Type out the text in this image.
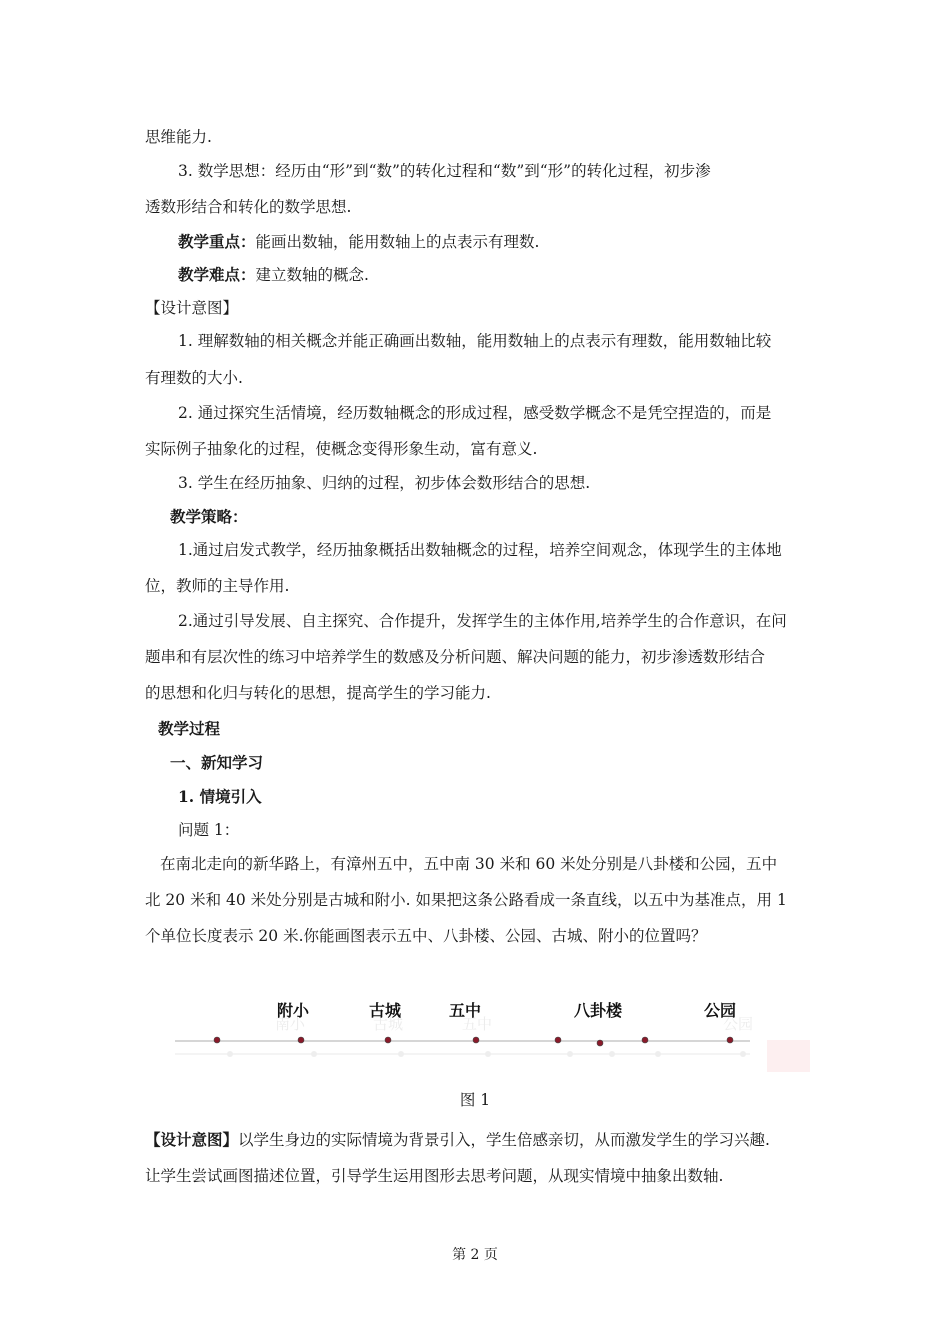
思维能力.
3. 数学思想：经历由“形”到“数”的转化过程和“数”到“形”的转化过程，初步渗
透数形结合和转化的数学思想.
教学重点：能画出数轴，能用数轴上的点表示有理数.
教学难点：建立数轴的概念.
【设计意图】
1. 理解数轴的相关概念并能正确画出数轴，能用数轴上的点表示有理数，能用数轴比较
有理数的大小.
2. 通过探究生活情境，经历数轴概念的形成过程，感受数学概念不是凭空捏造的，而是
实际例子抽象化的过程，使概念变得形象生动，富有意义.
3. 学生在经历抽象、归纳的过程，初步体会数形结合的思想.
教学策略：
1.通过启发式教学，经历抽象概括出数轴概念的过程，培养空间观念，体现学生的主体地
位，教师的主导作用.
2.通过引导发展、自主探究、合作提升，发挥学生的主体作用,培养学生的合作意识，在问
题串和有层次性的练习中培养学生的数感及分析问题、解决问题的能力，初步渗透数形结合
的思想和化归与转化的思想，提高学生的学习能力.
教学过程
一、新知学习
1. 情境引入
问题 1：
在南北走向的新华路上，有漳州五中，五中南 30 米和 60 米处分别是八卦楼和公园，五中
北 20 米和 40 米处分别是古城和附小. 如果把这条公路看成一条直线，以五中为基准点，用 1
个单位长度表示 20 米.你能画图表示五中、八卦楼、公园、古城、附小的位置吗？
【设计意图】以学生身边的实际情境为背景引入，学生倍感亲切，从而激发学生的学习兴趣.
让学生尝试画图描述位置，引导学生运用图形去思考问题，从现实情境中抽象出数轴.
南小	古城	五中	公园
附小	古城	五中	八卦楼	公园
图 1
第 2 页
